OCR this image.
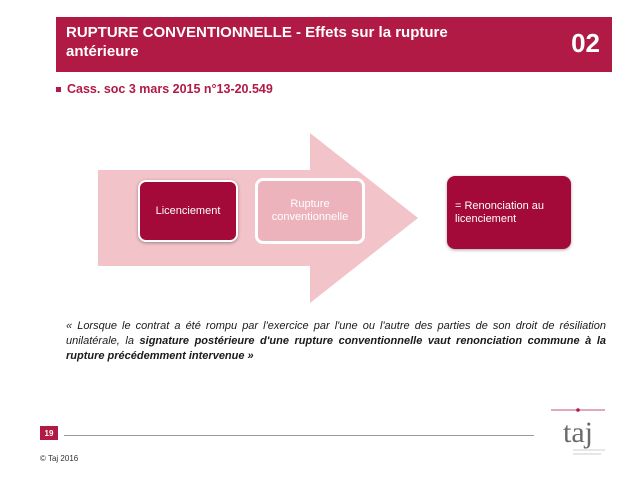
RUPTURE CONVENTIONNELLE - Effets sur la rupture antérieure	02
Cass. soc 3 mars 2015 n°13-20.549
Licenciement
Rupture conventionnelle
= Renonciation au licenciement
« Lorsque le contrat a été rompu par l'exercice par l'une ou l'autre des parties de son droit de résiliation unilatérale, la signature postérieure d'une rupture conventionnelle vaut renonciation commune à la rupture précédemment intervenue »
19	taj
© Taj 2016
